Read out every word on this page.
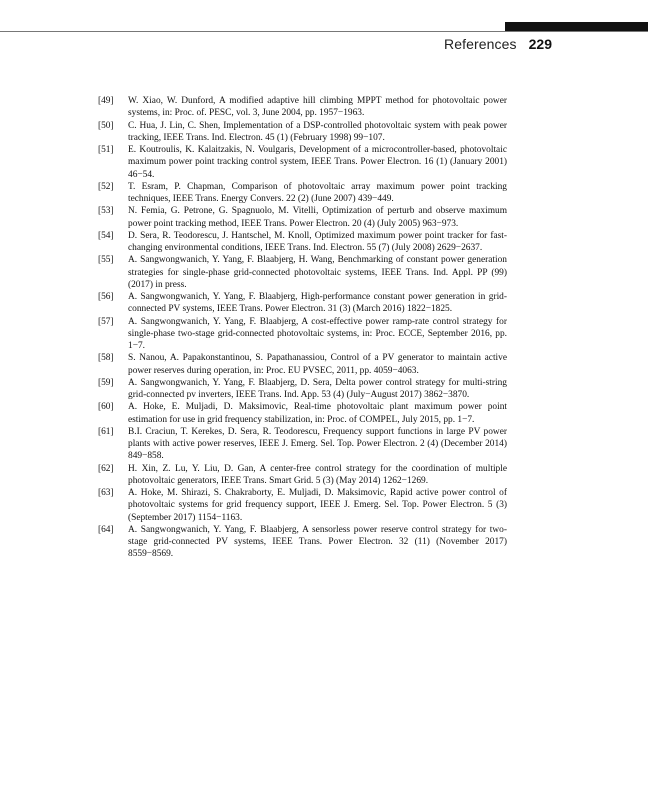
References 229
[49]	W. Xiao, W. Dunford, A modified adaptive hill climbing MPPT method for photovoltaic power systems, in: Proc. of. PESC, vol. 3, June 2004, pp. 1957−1963.
[50]	C. Hua, J. Lin, C. Shen, Implementation of a DSP-controlled photovoltaic system with peak power tracking, IEEE Trans. Ind. Electron. 45 (1) (February 1998) 99−107.
[51]	E. Koutroulis, K. Kalaitzakis, N. Voulgaris, Development of a microcontroller-based, photovoltaic maximum power point tracking control system, IEEE Trans. Power Electron. 16 (1) (January 2001) 46−54.
[52]	T. Esram, P. Chapman, Comparison of photovoltaic array maximum power point tracking techniques, IEEE Trans. Energy Convers. 22 (2) (June 2007) 439−449.
[53]	N. Femia, G. Petrone, G. Spagnuolo, M. Vitelli, Optimization of perturb and observe maximum power point tracking method, IEEE Trans. Power Electron. 20 (4) (July 2005) 963−973.
[54]	D. Sera, R. Teodorescu, J. Hantschel, M. Knoll, Optimized maximum power point tracker for fast-changing environmental conditions, IEEE Trans. Ind. Electron. 55 (7) (July 2008) 2629−2637.
[55]	A. Sangwongwanich, Y. Yang, F. Blaabjerg, H. Wang, Benchmarking of constant power generation strategies for single-phase grid-connected photovoltaic systems, IEEE Trans. Ind. Appl. PP (99) (2017) in press.
[56]	A. Sangwongwanich, Y. Yang, F. Blaabjerg, High-performance constant power generation in grid-connected PV systems, IEEE Trans. Power Electron. 31 (3) (March 2016) 1822−1825.
[57]	A. Sangwongwanich, Y. Yang, F. Blaabjerg, A cost-effective power ramp-rate control strategy for single-phase two-stage grid-connected photovoltaic systems, in: Proc. ECCE, September 2016, pp. 1−7.
[58]	S. Nanou, A. Papakonstantinou, S. Papathanassiou, Control of a PV generator to maintain active power reserves during operation, in: Proc. EU PVSEC, 2011, pp. 4059−4063.
[59]	A. Sangwongwanich, Y. Yang, F. Blaabjerg, D. Sera, Delta power control strategy for multi-string grid-connected pv inverters, IEEE Trans. Ind. App. 53 (4) (July−August 2017) 3862−3870.
[60]	A. Hoke, E. Muljadi, D. Maksimovic, Real-time photovoltaic plant maximum power point estimation for use in grid frequency stabilization, in: Proc. of COMPEL, July 2015, pp. 1−7.
[61]	B.I. Craciun, T. Kerekes, D. Sera, R. Teodorescu, Frequency support functions in large PV power plants with active power reserves, IEEE J. Emerg. Sel. Top. Power Electron. 2 (4) (December 2014) 849−858.
[62]	H. Xin, Z. Lu, Y. Liu, D. Gan, A center-free control strategy for the coordination of multiple photovoltaic generators, IEEE Trans. Smart Grid. 5 (3) (May 2014) 1262−1269.
[63]	A. Hoke, M. Shirazi, S. Chakraborty, E. Muljadi, D. Maksimovic, Rapid active power control of photovoltaic systems for grid frequency support, IEEE J. Emerg. Sel. Top. Power Electron. 5 (3) (September 2017) 1154−1163.
[64]	A. Sangwongwanich, Y. Yang, F. Blaabjerg, A sensorless power reserve control strategy for two-stage grid-connected PV systems, IEEE Trans. Power Electron. 32 (11) (November 2017) 8559−8569.
